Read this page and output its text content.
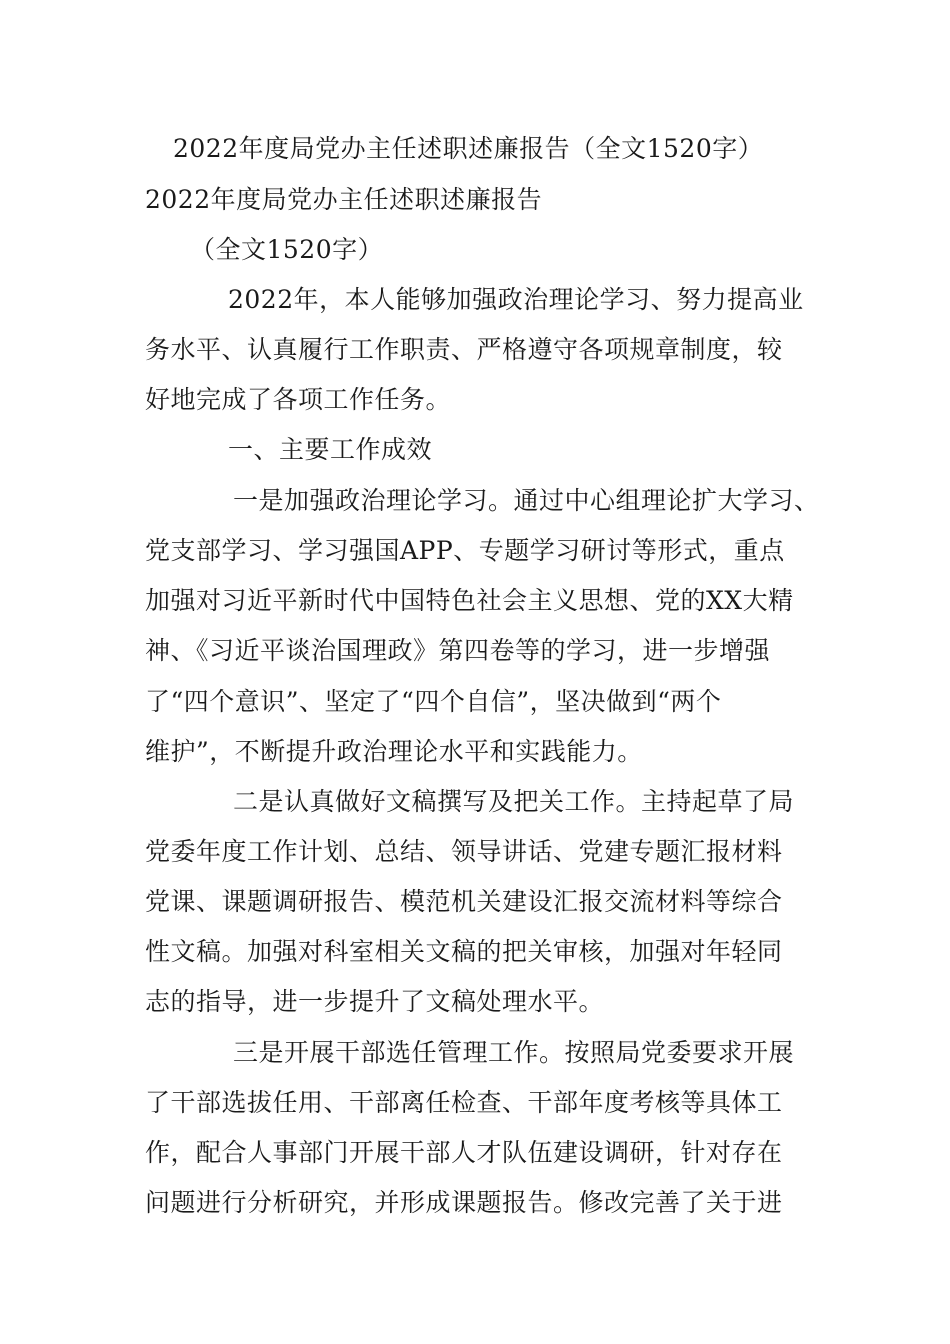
2022年度局党办主任述职述廉报告（全文1520字）
2022年度局党办主任述职述廉报告
（全文1520字）
2022年，本人能够加强政治理论学习、努力提高业
务水平、认真履行工作职责、严格遵守各项规章制度，较
好地完成了各项工作任务。
一、主要工作成效
一是加强政治理论学习。通过中心组理论扩大学习、
党支部学习、学习强国APP、专题学习研讨等形式，重点
加强对习近平新时代中国特色社会主义思想、党的XX大精
神、《习近平谈治国理政》第四卷等的学习，进一步增强
了“四个意识”、坚定了“四个自信”，坚决做到“两个
维护”，不断提升政治理论水平和实践能力。
二是认真做好文稿撰写及把关工作。主持起草了局
党委年度工作计划、总结、领导讲话、党建专题汇报材料
党课、课题调研报告、模范机关建设汇报交流材料等综合
性文稿。加强对科室相关文稿的把关审核，加强对年轻同
志的指导，进一步提升了文稿处理水平。
三是开展干部选任管理工作。按照局党委要求开展
了干部选拔任用、干部离任检查、干部年度考核等具体工
作，配合人事部门开展干部人才队伍建设调研，针对存在
问题进行分析研究，并形成课题报告。修改完善了关于进
